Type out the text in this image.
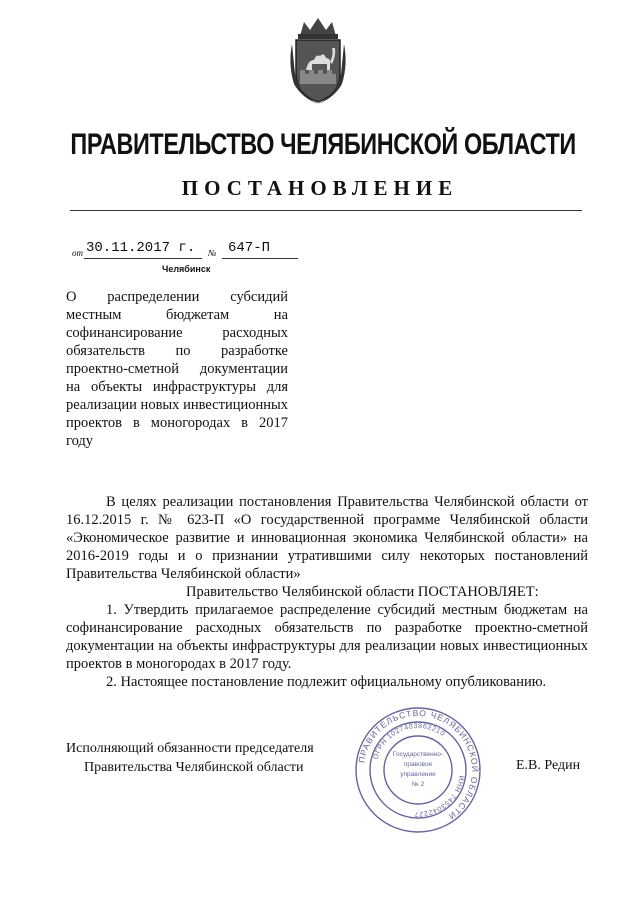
ПРАВИТЕЛЬСТВО ЧЕЛЯБИНСКОЙ ОБЛАСТИ
ПОСТАНОВЛЕНИЕ
от 30.11.2017 г. № 647-П
Челябинск
О распределении субсидий местным бюджетам на софинансирование расходных обязательств по разработке проектно-сметной документации на объекты инфраструктуры для реализации новых инвестиционных проектов в моногородах в 2017 году

В целях реализации постановления Правительства Челябинской области от 16.12.2015 г. № 623-П «О государственной программе Челябинской области «Экономическое развитие и инновационная экономика Челябинской области» на 2016-2019 годы и о признании утратившими силу некоторых постановлений Правительства Челябинской области»

Правительство Челябинской области ПОСТАНОВЛЯЕТ:

1. Утвердить прилагаемое распределение субсидий местным бюджетам на софинансирование расходных обязательств по разработке проектно-сметной документации на объекты инфраструктуры для реализации новых инвестиционных проектов в моногородах в 2017 году.

2. Настоящее постановление подлежит официальному опубликованию.

Исполняющий обязанности председателя
Правительства Челябинской области	Е.В. Редин
ПРАВИТЕЛЬСТВО ЧЕЛЯБИНСКОЙ ОБЛАСТИ
ИНН 7453042227
ОГРН 1027403862210
Государственно-
правовое
управление
№ 2
